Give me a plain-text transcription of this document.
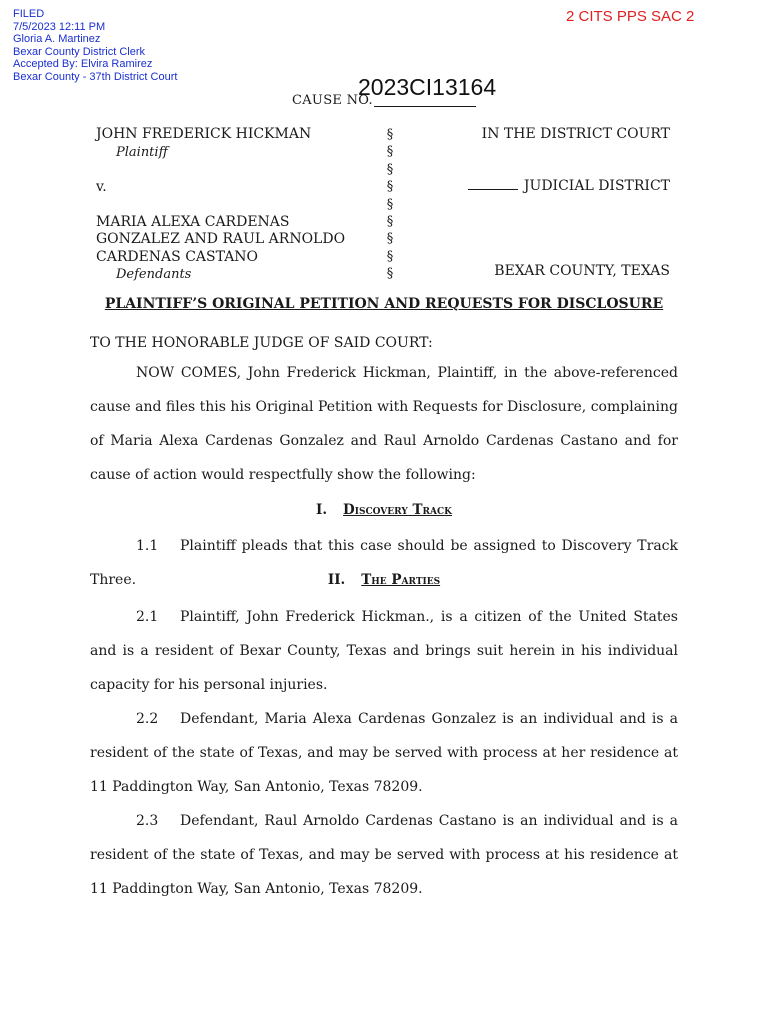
FILED
7/5/2023 12:11 PM
Gloria A. Martinez
Bexar County District Clerk
Accepted By: Elvira Ramirez
Bexar County - 37th District Court
2 CITS PPS SAC 2
CAUSE NO.
2023CI13164
JOHN FREDERICK HICKMAN
Plaintiff
v.
MARIA ALEXA CARDENAS
GONZALEZ AND RAUL ARNOLDO
CARDENAS CASTANO
Defendants
§
§
§
§
§
§
§
§
§
IN THE DISTRICT COURT
JUDICIAL DISTRICT
BEXAR COUNTY, TEXAS
PLAINTIFF’S ORIGINAL PETITION AND REQUESTS FOR DISCLOSURE
TO THE HONORABLE JUDGE OF SAID COURT:
NOW COMES, John Frederick Hickman, Plaintiff, in the above-referenced cause and files this his Original Petition with Requests for Disclosure, complaining of Maria Alexa Cardenas Gonzalez and Raul Arnoldo Cardenas Castano and for cause of action would respectfully show the following:
I. Discovery Track
1.1 Plaintiff pleads that this case should be assigned to Discovery Track Three.	II. The Parties
2.1 Plaintiff, John Frederick Hickman., is a citizen of the United States and is a resident of Bexar County, Texas and brings suit herein in his individual capacity for his personal injuries.
2.2 Defendant, Maria Alexa Cardenas Gonzalez is an individual and is a resident of the state of Texas, and may be served with process at her residence at 11 Paddington Way, San Antonio, Texas 78209.
2.3 Defendant, Raul Arnoldo Cardenas Castano is an individual and is a resident of the state of Texas, and may be served with process at his residence at 11 Paddington Way, San Antonio, Texas 78209.
